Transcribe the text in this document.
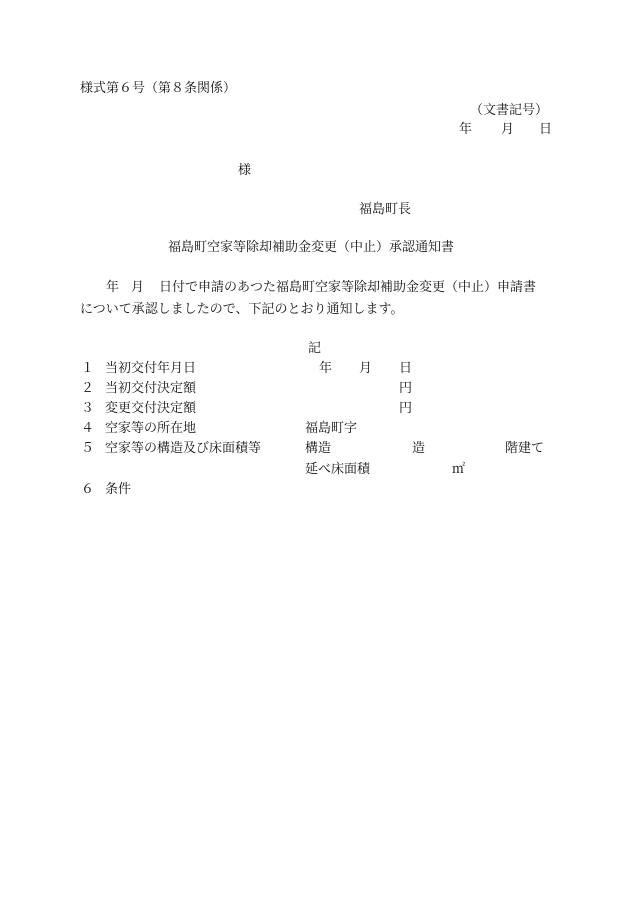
様式第６号（第８条関係）

（文書記号）

年 月 日

様

福島町長

福島町空家等除却補助金変更（中止）承認通知書

年 月 日付で申請のあつた福島町空家等除却補助金変更（中止）申請書

について承認しましたので、下記のとおり通知します。

記

１ 当初交付年月日	年 月 日
２ 当初交付決定額	円
３ 変更交付決定額	円
４ 空家等の所在地	福島町字
５ 空家等の構造及び床面積等	構造	造	階建て
延べ床面積	㎡
６ 条件
